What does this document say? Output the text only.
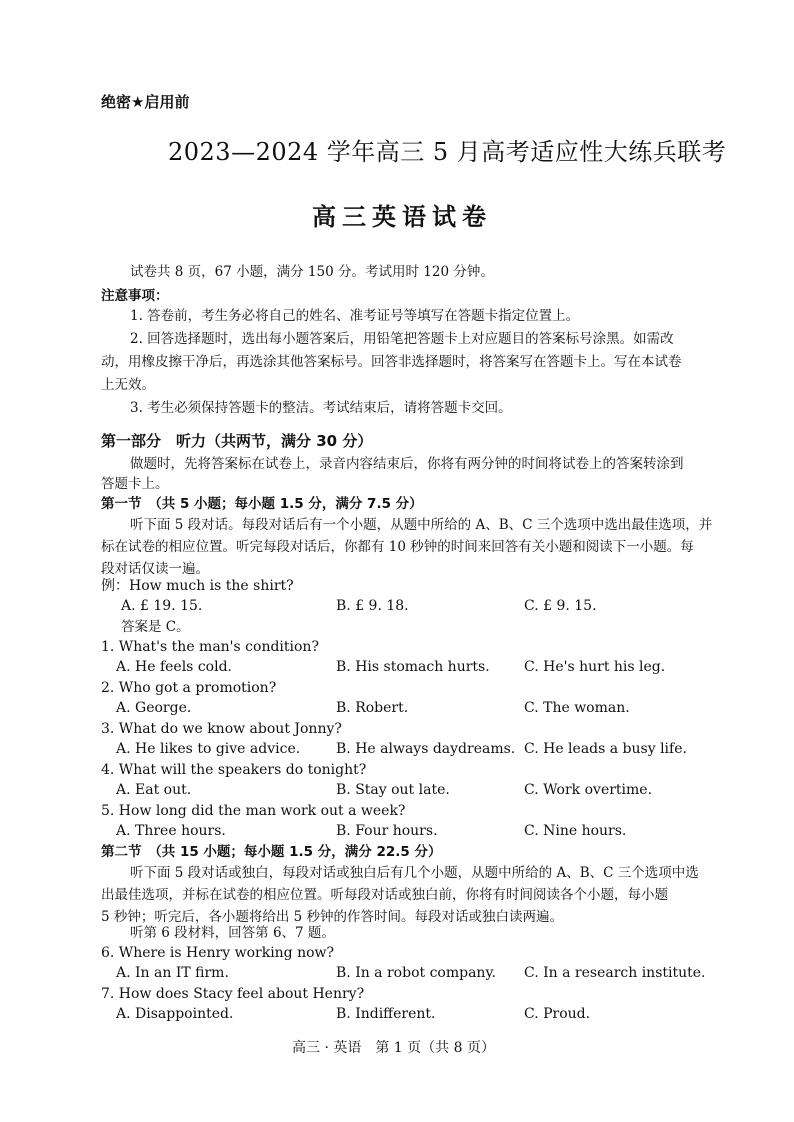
绝密★启用前
2023—2024 学年高三 5 月高考适应性大练兵联考
高三英语试卷
试卷共 8 页，67 小题，满分 150 分。考试用时 120 分钟。
注意事项：
1. 答卷前，考生务必将自己的姓名、准考证号等填写在答题卡指定位置上。
2. 回答选择题时，选出每小题答案后，用铅笔把答题卡上对应题目的答案标号涂黑。如需改
动，用橡皮擦干净后，再选涂其他答案标号。回答非选择题时，将答案写在答题卡上。写在本试卷
上无效。
3. 考生必须保持答题卡的整洁。考试结束后，请将答题卡交回。
第一部分　听力（共两节，满分 30 分）
做题时，先将答案标在试卷上，录音内容结束后，你将有两分钟的时间将试卷上的答案转涂到
答题卡上。
第一节　（共 5 小题；每小题 1.5 分，满分 7.5 分）
听下面 5 段对话。每段对话后有一个小题，从题中所给的 A、B、C 三个选项中选出最佳选项，并
标在试卷的相应位置。听完每段对话后，你都有 10 秒钟的时间来回答有关小题和阅读下一小题。每
段对话仅读一遍。
例：How much is the shirt?
A. £ 19. 15.	B. £ 9. 18.	C. £ 9. 15.
答案是 C。
1. What's the man's condition?
A. He feels cold.	B. His stomach hurts. C. He's hurt his leg.
2. Who got a promotion?
A. George.	B. Robert.	C. The woman.
3. What do we know about Jonny?
A. He likes to give advice.	B. He always daydreams. C. He leads a busy life.
4. What will the speakers do tonight?
A. Eat out.	B. Stay out late.	C. Work overtime.
5. How long did the man work out a week?
A. Three hours.	B. Four hours.	C. Nine hours.
第二节　（共 15 小题；每小题 1.5 分，满分 22.5 分）
听下面 5 段对话或独白，每段对话或独白后有几个小题，从题中所给的 A、B、C 三个选项中选
出最佳选项，并标在试卷的相应位置。听每段对话或独白前，你将有时间阅读各个小题，每小题
5 秒钟；听完后，各小题将给出 5 秒钟的作答时间。每段对话或独白读两遍。
听第 6 段材料，回答第 6、7 题。
6. Where is Henry working now?
A. In an IT firm.	B. In a robot company. C. In a research institute.
7. How does Stacy feel about Henry?
A. Disappointed.	B. Indifferent.	C. Proud.
高三 · 英语　第 1 页（共 8 页）
